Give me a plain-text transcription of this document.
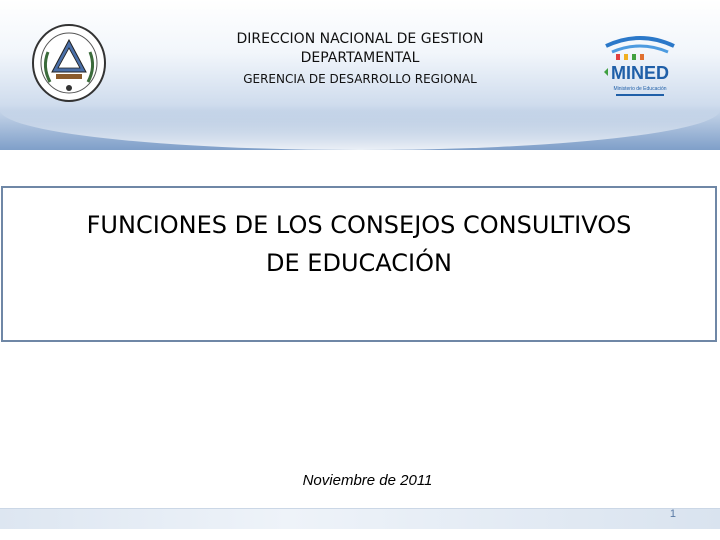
DIRECCION NACIONAL DE GESTION
DEPARTAMENTAL
GERENCIA DE DESARROLLO REGIONAL	MINED
Ministerio de Educación
FUNCIONES DE LOS CONSEJOS CONSULTIVOS
DE EDUCACIÓN
Noviembre de 2011
1
